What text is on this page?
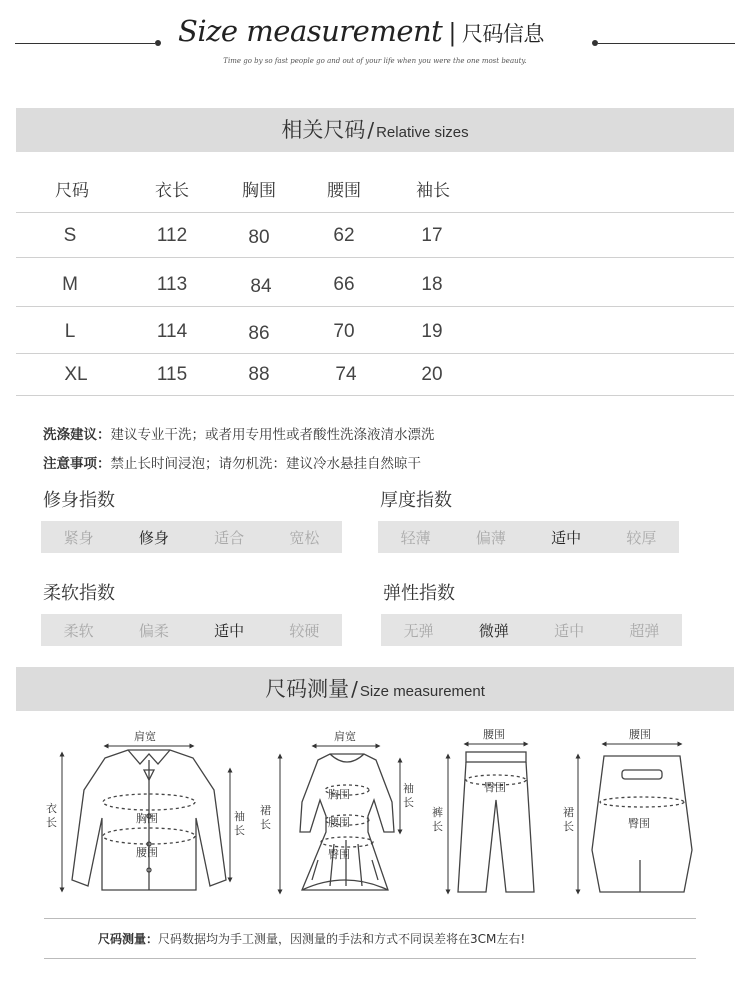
Size measurement | 尺码信息
Time go by so fast people go and out of your life when you were the one most beauty.
相关尺码 / Relative sizes
尺码	衣长	胸围	腰围	袖长
S	112	80	62	17
M	113	84	66	18
L	114	86	70	19
XL	115	88	74	20
洗涤建议：建议专业干洗；或者用专用性或者酸性洗涤液清水漂洗
注意事项：禁止长时间浸泡；请勿机洗：建议冷水悬挂自然晾干
修身指数
紧身	修身	适合	宽松
厚度指数
轻薄	偏薄	适中	较厚
柔软指数
柔软	偏柔	适中	较硬
弹性指数
无弹	微弹	适中	超弹
尺码测量 / Size measurement
肩宽
衣
长	袖
长
胸围
腰围
肩宽
裙
长
袖
长
胸围
腰围
臀围
腰围
臀围
裤
长
腰围
臀围
裙
长
尺码测量：尺码数据均为手工测量，因测量的手法和方式不同误差将在3CM左右!
